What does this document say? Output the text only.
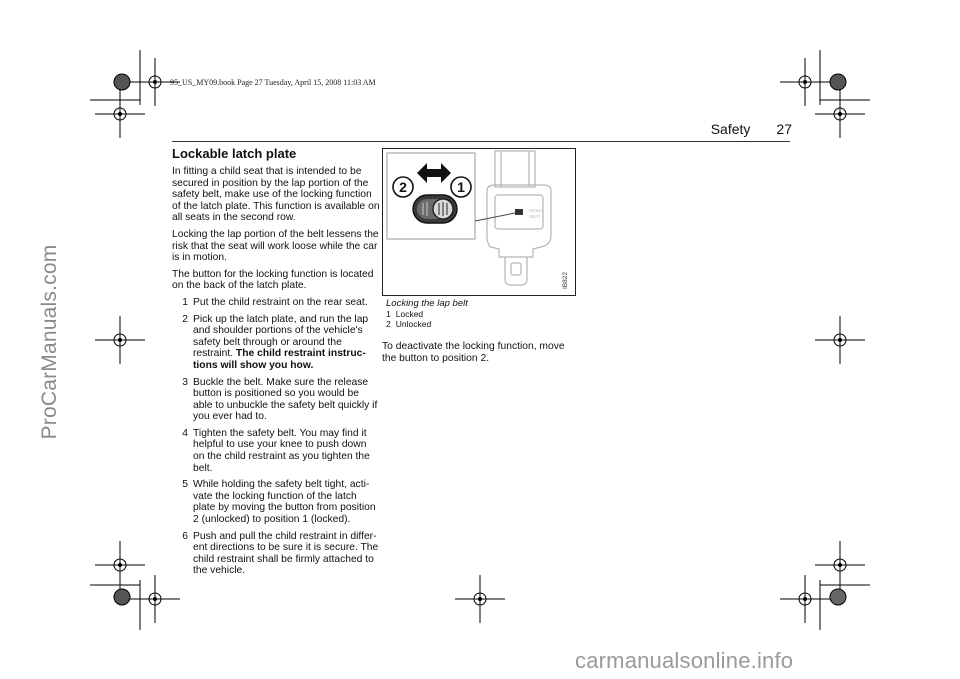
95_US_MY09.book Page 27 Tuesday, April 15, 2008 11:03 AM
ProCarManuals.com
carmanualsonline.info
Safety 27
Lockable latch plate

In fitting a child seat that is intended to be secured in position by the lap portion of the safety belt, make use of the locking function of the latch plate. This function is available on all seats in the second row.

Locking the lap portion of the belt lessens the risk that the seat will work loose while the car is in motion.

The button for the locking function is located on the back of the latch plate.

1 Put the child restraint on the rear seat.
2 Pick up the latch plate, and run the lap and shoulder portions of the vehicle's safety belt through or around the restraint. The child restraint instruc-tions will show you how.
3 Buckle the belt. Make sure the release button is positioned so you would be able to unbuckle the safety belt quickly if you ever had to.
4 Tighten the safety belt. You may find it helpful to use your knee to push down on the child restraint as you tighten the belt.
5 While holding the safety belt tight, acti-vate the locking function of the latch plate by moving the button from position 2 (unlocked) to position 1 (locked).
6 Push and pull the child restraint in differ-ent directions to be sure it is secure. The child restraint shall be firmly attached to the vehicle.
CHILD
SEAT
2	1
IB822
Locking the lap belt
1 Locked
2 Unlocked
To deactivate the locking function, move the button to position 2.
